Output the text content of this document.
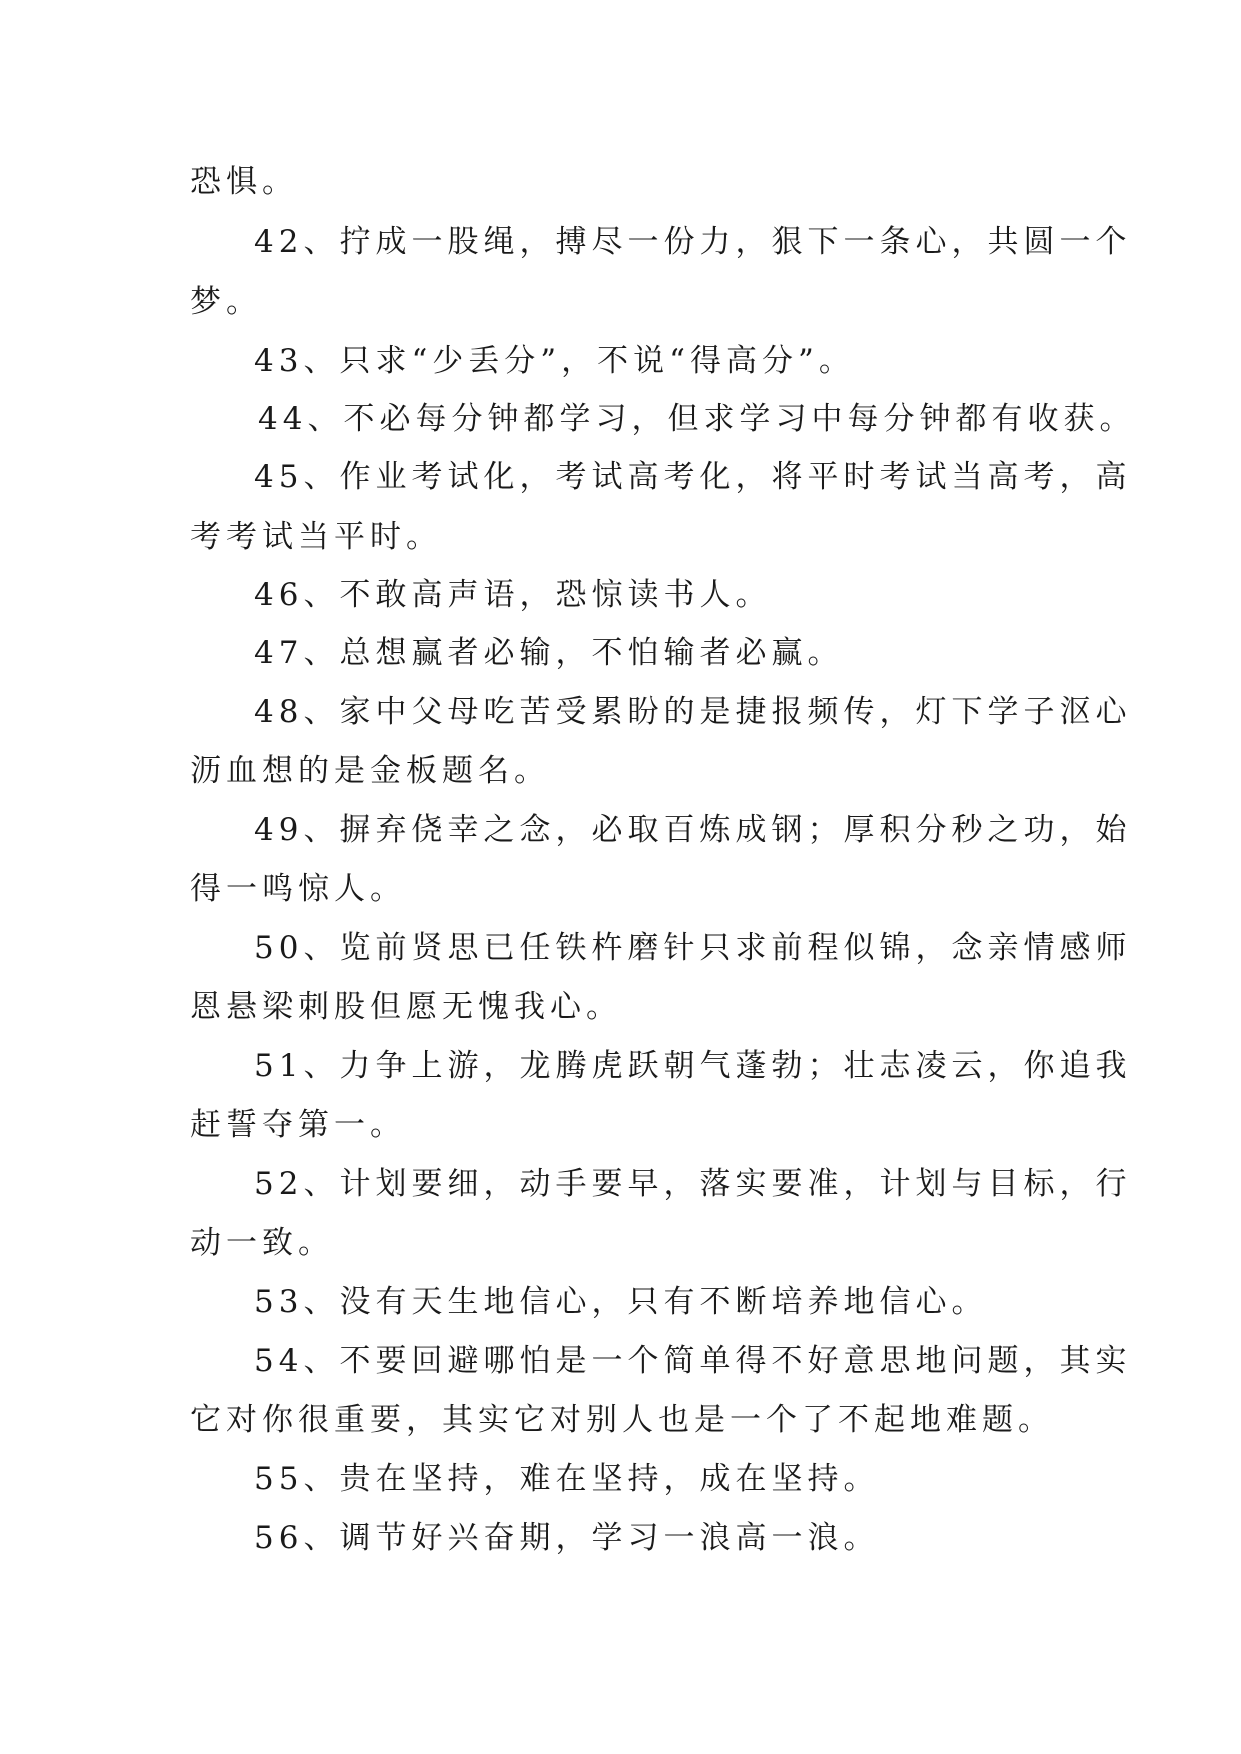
恐惧。
42、拧成一股绳，搏尽一份力，狠下一条心，共圆一个
梦。
43、只求“少丢分”，不说“得高分”。
44、不必每分钟都学习，但求学习中每分钟都有收获。
45、作业考试化，考试高考化，将平时考试当高考，高
考考试当平时。
46、不敢高声语，恐惊读书人。
47、总想赢者必输，不怕输者必赢。
48、家中父母吃苦受累盼的是捷报频传，灯下学子沤心
沥血想的是金板题名。
49、摒弃侥幸之念，必取百炼成钢；厚积分秒之功，始
得一鸣惊人。
50、览前贤思已任铁杵磨针只求前程似锦，念亲情感师
恩悬梁刺股但愿无愧我心。
51、力争上游，龙腾虎跃朝气蓬勃；壮志凌云，你追我
赶誓夺第一。
52、计划要细，动手要早，落实要准，计划与目标，行
动一致。
53、没有天生地信心，只有不断培养地信心。
54、不要回避哪怕是一个简单得不好意思地问题，其实
它对你很重要，其实它对别人也是一个了不起地难题。
55、贵在坚持，难在坚持，成在坚持。
56、调节好兴奋期，学习一浪高一浪。
